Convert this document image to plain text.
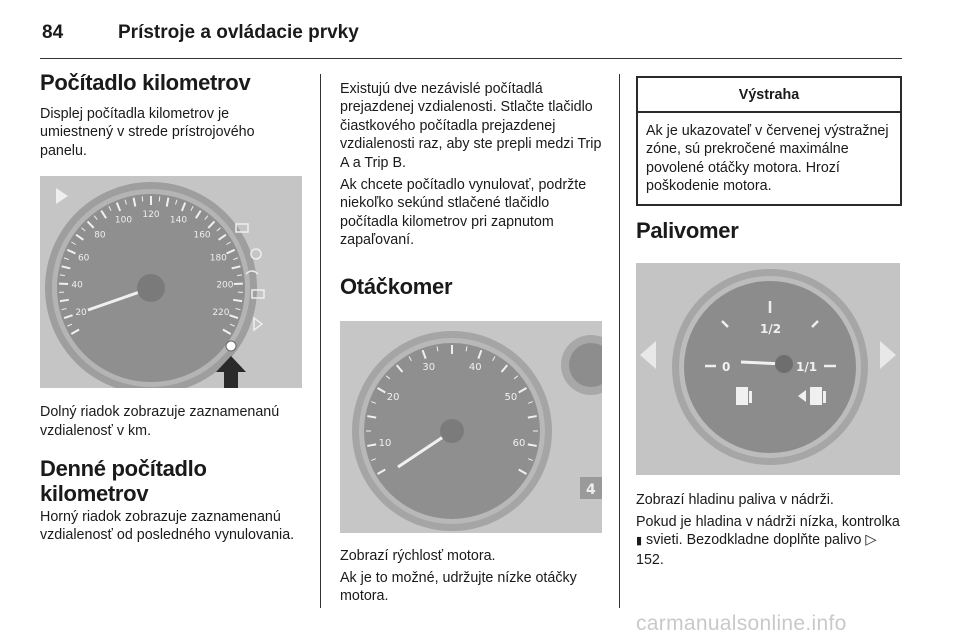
84	Prístroje a ovládacie prvky
Počítadlo kilometrov

Displej počítadla kilometrov je umiestnený v strede prístrojového panelu.

20
40
60
80
100
120
140
160
180
200
220

Dolný riadok zobrazuje zaznamenanú vzdialenosť v km.

Denné počítadlo kilometrov

Horný riadok zobrazuje zaznamenanú vzdialenosť od posledného vynulovania.

Existujú dve nezávislé počítadlá prejazdenej vzdialenosti. Stlačte tlačidlo čiastkového počítadla prejazdenej vzdialenosti raz, aby ste prepli medzi Trip A a Trip B.

Ak chcete počítadlo vynulovať, podržte niekoľko sekúnd stlačené tlačidlo počítadla kilometrov pri zapnutom zapaľovaní.

Otáčkomer
4
10
20
30	40
50
60

Zobrazí rýchlosť motora.

Ak je to možné, udržujte nízke otáčky motora.

Výstraha
Ak je ukazovateľ v červenej výstražnej zóne, sú prekročené maximálne povolené otáčky motora. Hrozí poškodenie motora.
Palivomer
0
1/2
1/1

Zobrazí hladinu paliva v nádrži.

Pokud je hladina v nádrži nízka, kontrolka ▮ svieti. Bezodkladne doplňte palivo ▷ 152.

carmanualsonline.info
